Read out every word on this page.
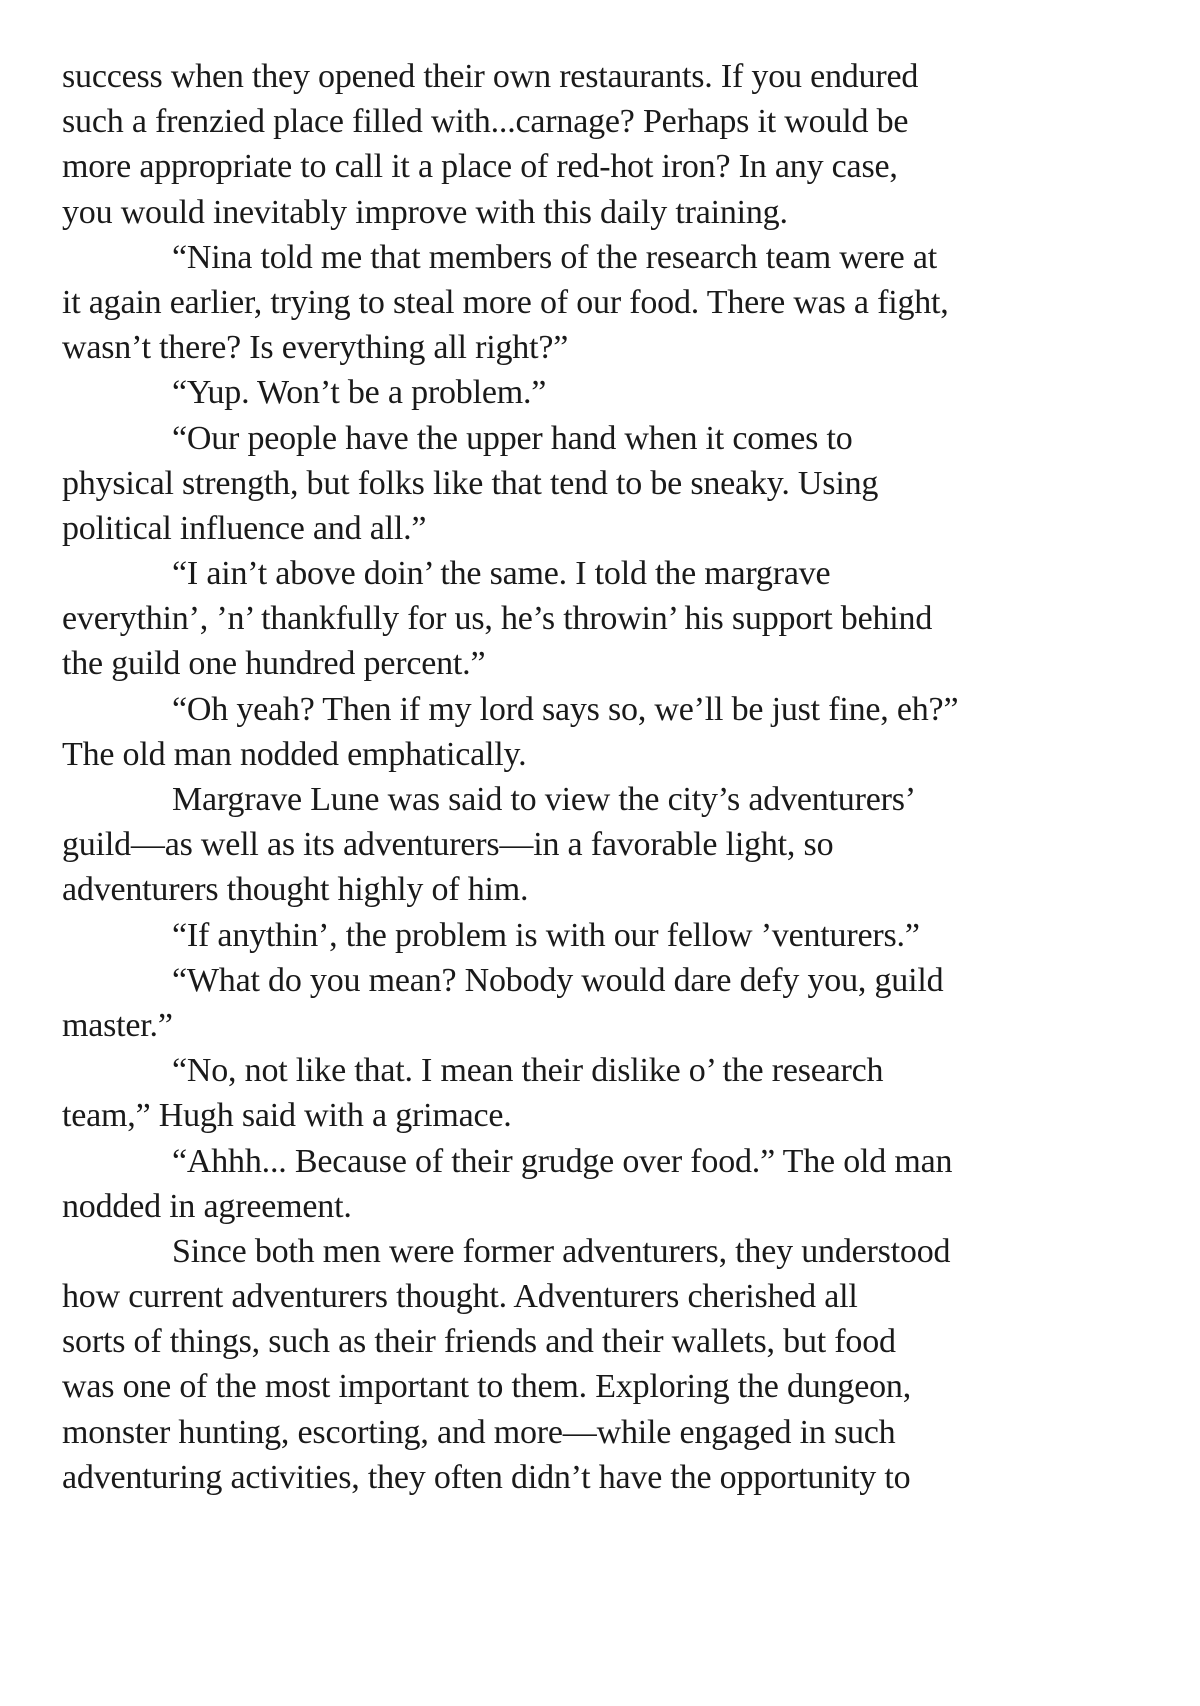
success when they opened their own restaurants. If you endured
such a frenzied place filled with...carnage? Perhaps it would be
more appropriate to call it a place of red-hot iron? In any case,
you would inevitably improve with this daily training.
“Nina told me that members of the research team were at
it again earlier, trying to steal more of our food. There was a fight,
wasn’t there? Is everything all right?”
“Yup. Won’t be a problem.”
“Our people have the upper hand when it comes to
physical strength, but folks like that tend to be sneaky. Using
political influence and all.”
“I ain’t above doin’ the same. I told the margrave
everythin’, ’n’ thankfully for us, he’s throwin’ his support behind
the guild one hundred percent.”
“Oh yeah? Then if my lord says so, we’ll be just fine, eh?”
The old man nodded emphatically.
Margrave Lune was said to view the city’s adventurers’
guild—as well as its adventurers—in a favorable light, so
adventurers thought highly of him.
“If anythin’, the problem is with our fellow ’venturers.”
“What do you mean? Nobody would dare defy you, guild
master.”
“No, not like that. I mean their dislike o’ the research
team,” Hugh said with a grimace.
“Ahhh... Because of their grudge over food.” The old man
nodded in agreement.
Since both men were former adventurers, they understood
how current adventurers thought. Adventurers cherished all
sorts of things, such as their friends and their wallets, but food
was one of the most important to them. Exploring the dungeon,
monster hunting, escorting, and more—while engaged in such
adventuring activities, they often didn’t have the opportunity to
